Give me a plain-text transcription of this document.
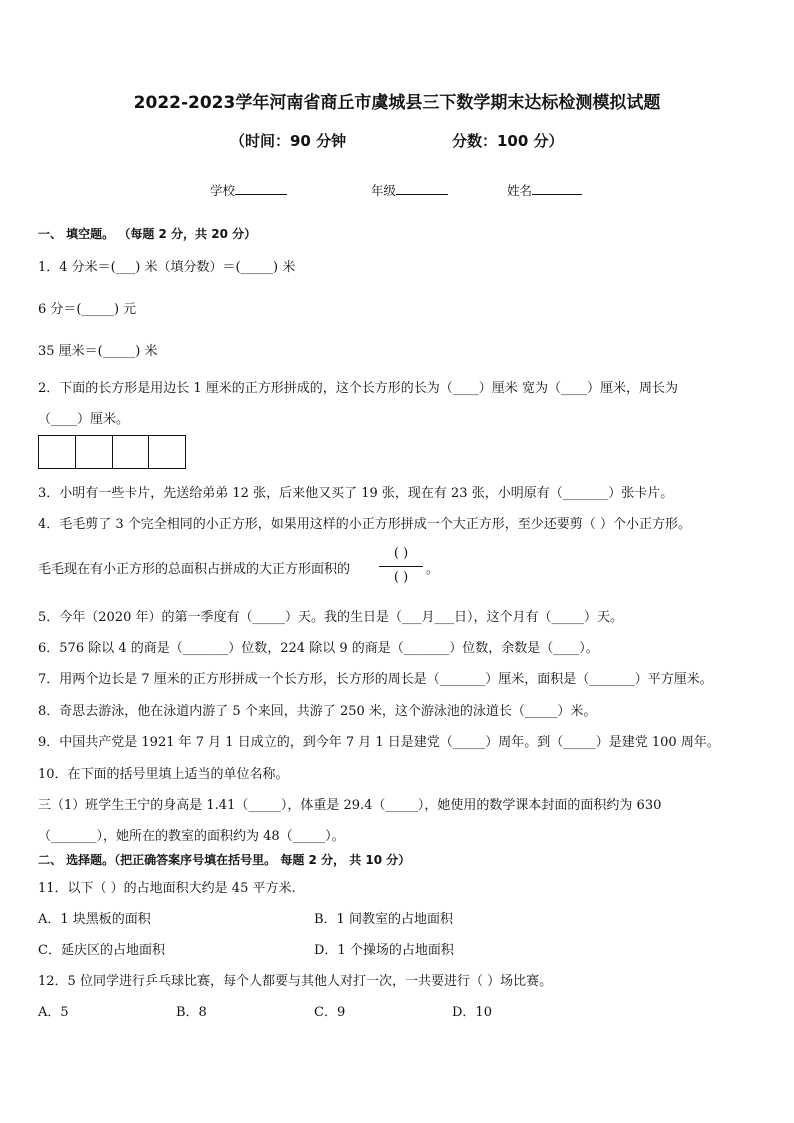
2022-2023学年河南省商丘市虞城县三下数学期末达标检测模拟试题
（时间：90 分钟	分数：100 分）
学校	年级	姓名
一、 填空题。 （每题 2 分，共 20 分）
1．4 分米＝(___) 米（填分数）＝(_____) 米
6 分＝(_____) 元
35 厘米＝(_____) 米
2．下面的长方形是用边长 1 厘米的正方形拼成的，这个长方形的长为（____）厘米 宽为（____）厘米，周长为
（____）厘米。
3．小明有一些卡片，先送给弟弟 12 张，后来他又买了 19 张，现在有 23 张，小明原有（_______）张卡片。
4．毛毛剪了 3 个完全相同的小正方形，如果用这样的小正方形拼成一个大正方形，至少还要剪（ ）个小正方形。
毛毛现在有小正方形的总面积占拼成的大正方形面积的
( )
( )
。
5．今年（2020 年）的第一季度有（_____）天。我的生日是（___月___日），这个月有（_____）天。
6．576 除以 4 的商是（_______）位数，224 除以 9 的商是（_______）位数，余数是（____）。
7．用两个边长是 7 厘米的正方形拼成一个长方形，长方形的周长是（_______）厘米，面积是（_______）平方厘米。
8．奇思去游泳，他在泳道内游了 5 个来回，共游了 250 米，这个游泳池的泳道长（_____）米。
9．中国共产党是 1921 年 7 月 1 日成立的，到今年 7 月 1 日是建党（_____）周年。到（_____）是建党 100 周年。
10．在下面的括号里填上适当的单位名称。
三（1）班学生王宁的身高是 1.41（_____），体重是 29.4（_____），她使用的数学课本封面的面积约为 630
（_______），她所在的教室的面积约为 48（_____）。
二、 选择题。（把正确答案序号填在括号里。 每题 2 分， 共 10 分）
11．以下（ ）的占地面积大约是 45 平方米.
A．1 块黑板的面积	B．1 间教室的占地面积
C．延庆区的占地面积	D．1 个操场的占地面积
12．5 位同学进行乒乓球比赛，每个人都要与其他人对打一次，一共要进行（ ）场比赛。
A．5	B．8	C．9	D．10
